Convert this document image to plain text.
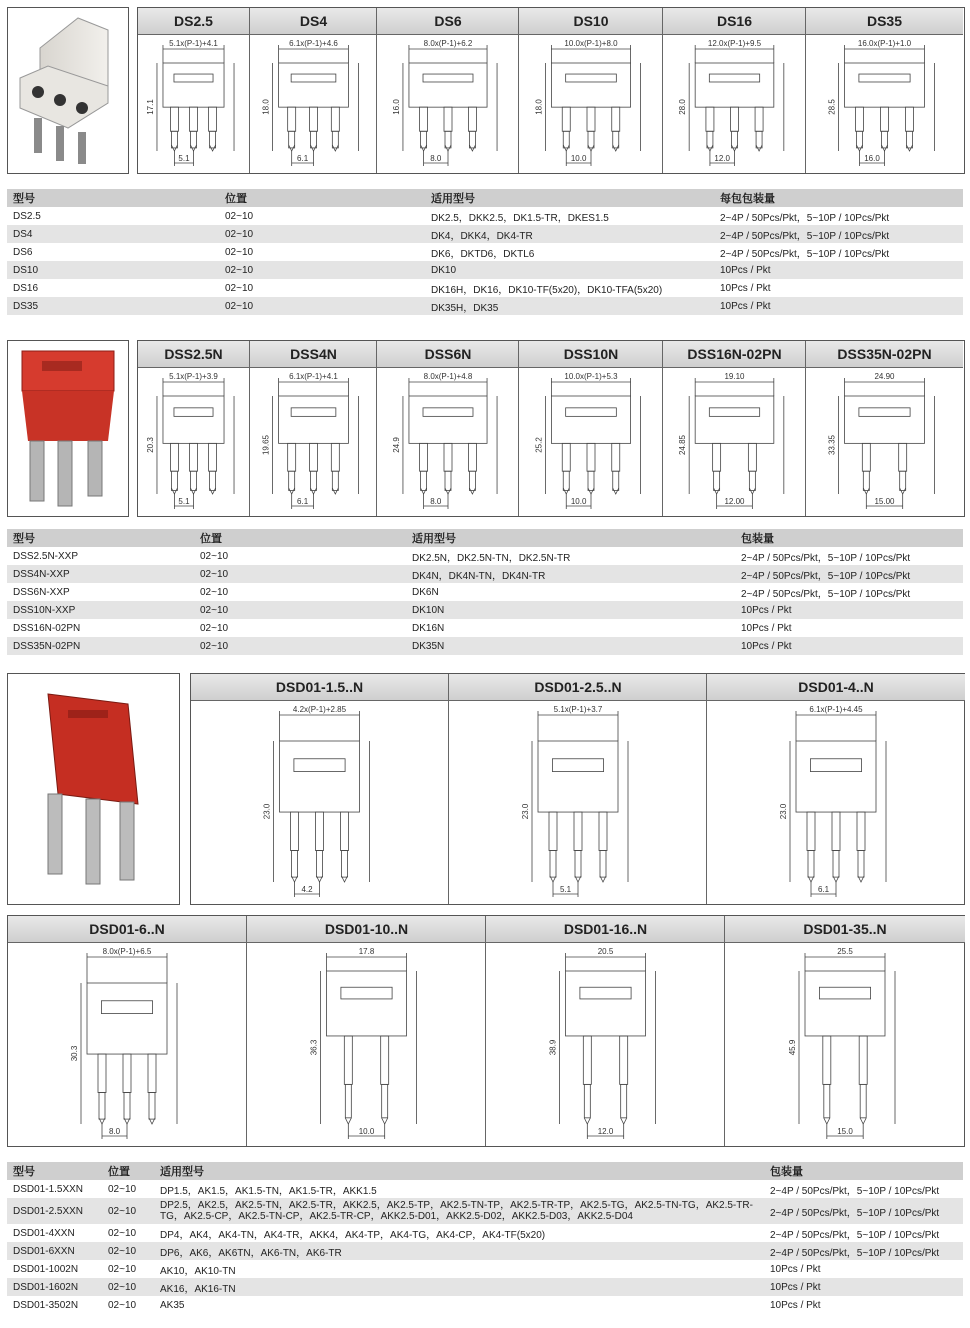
DS2.5
5.1x(P-1)+4.1
17.1
5.1
DS4
6.1x(P-1)+4.6
18.0
6.1
DS6
8.0x(P-1)+6.2
16.0
8.0
DS10
10.0x(P-1)+8.0
18.0
10.0
DS16
12.0x(P-1)+9.5
28.0
12.0
DS35
16.0x(P-1)+1.0
28.5
16.0
型号	位置	适用型号	每包包装量
DS2.5	02~10	DK2.5，DKK2.5，DK1.5-TR，DKES1.5	2~4P / 50Pcs/Pkt，5~10P / 10Pcs/Pkt
DS4	02~10	DK4，DKK4，DK4-TR	2~4P / 50Pcs/Pkt，5~10P / 10Pcs/Pkt
DS6	02~10	DK6，DKTD6，DKTL6	2~4P / 50Pcs/Pkt，5~10P / 10Pcs/Pkt
DS10	02~10	DK10	10Pcs / Pkt
DS16	02~10	DK16H，DK16，DK10-TF(5x20)，DK10-TFA(5x20)	10Pcs / Pkt
DS35	02~10	DK35H，DK35	10Pcs / Pkt
DSS2.5N
5.1x(P-1)+3.9
20.3
5.1
DSS4N
6.1x(P-1)+4.1
19.65
6.1
DSS6N
8.0x(P-1)+4.8
24.9
8.0
DSS10N
10.0x(P-1)+5.3
25.2
10.0
DSS16N-02PN
19.10
24.85
12.00
DSS35N-02PN
24.90
33.35
15.00
型号	位置	适用型号	包装量
DSS2.5N-XXP	02~10	DK2.5N，DK2.5N-TN，DK2.5N-TR	2~4P / 50Pcs/Pkt，5~10P / 10Pcs/Pkt
DSS4N-XXP	02~10	DK4N，DK4N-TN，DK4N-TR	2~4P / 50Pcs/Pkt，5~10P / 10Pcs/Pkt
DSS6N-XXP	02~10	DK6N	2~4P / 50Pcs/Pkt，5~10P / 10Pcs/Pkt
DSS10N-XXP	02~10	DK10N	10Pcs / Pkt
DSS16N-02PN	02~10	DK16N	10Pcs / Pkt
DSS35N-02PN	02~10	DK35N	10Pcs / Pkt
DSD01-1.5..N
4.2x(P-1)+2.85
23.0
4.2
DSD01-2.5..N
5.1x(P-1)+3.7
23.0
5.1
DSD01-4..N
6.1x(P-1)+4.45
23.0
6.1
DSD01-6..N
8.0x(P-1)+6.5
30.3
8.0
DSD01-10..N
17.8
36.3
10.0
DSD01-16..N
20.5
38.9
12.0
DSD01-35..N
25.5
45.9
15.0
型号	位置	适用型号	包装量
DSD01-1.5XXN	02~10	DP1.5，AK1.5，AK1.5-TN，AK1.5-TR，AKK1.5	2~4P / 50Pcs/Pkt，5~10P / 10Pcs/Pkt
DSD01-2.5XXN	02~10	DP2.5，AK2.5，AK2.5-TN，AK2.5-TR，AKK2.5，AK2.5-TP，AK2.5-TN-TP，AK2.5-TR-TP，AK2.5-TG，AK2.5-TN-TG，AK2.5-TR-TG，AK2.5-CP，AK2.5-TN-CP，AK2.5-TR-CP，AKK2.5-D01，AKK2.5-D02，AKK2.5-D03，AKK2.5-D04	2~4P / 50Pcs/Pkt，5~10P / 10Pcs/Pkt
DSD01-4XXN	02~10	DP4，AK4，AK4-TN，AK4-TR，AKK4，AK4-TP，AK4-TG，AK4-CP，AK4-TF(5x20)	2~4P / 50Pcs/Pkt，5~10P / 10Pcs/Pkt
DSD01-6XXN	02~10	DP6，AK6，AK6TN，AK6-TN，AK6-TR	2~4P / 50Pcs/Pkt，5~10P / 10Pcs/Pkt
DSD01-1002N	02~10	AK10，AK10-TN	10Pcs / Pkt
DSD01-1602N	02~10	AK16，AK16-TN	10Pcs / Pkt
DSD01-3502N	02~10	AK35	10Pcs / Pkt
